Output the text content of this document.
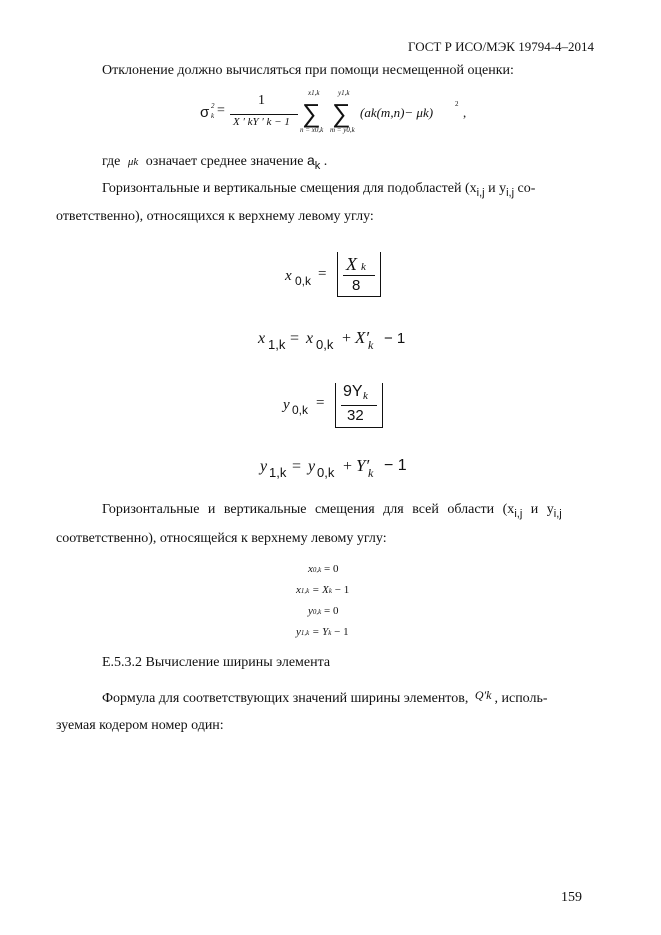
ГОСТ Р ИСО/МЭК 19794-4–2014
Отклонение должно вычисляться при помощи несмещенной оценки:
σ 2
k =
1
X ′ kY ′ k − 1 ∑
x1,k
n = x0,k
∑
y1,k
m = y0,k
(ak(m,n)− μk)
2
,
где μk означает среднее значение $a_k$ .
Горизонтальные и вертикальные смещения для подобластей ($x_{i,j}$ и $y_{i,j}$ со-
ответственно), относящихся к верхнему левому углу:
x 0,k = X k
8
x 1,k = x 0,k + X′
k − 1
y 0,k =
9Y k
32
y 1,k = y 0,k + Y′
k − 1
Горизонтальные и вертикальные смещения для всей области ($x_{i,j}$ и $y_{i,j}$
соответственно), относящейся к верхнему левому углу:
x0,k = 0
x1,k = Xk − 1
y0,k = 0
y1,k = Yk − 1
E.5.3.2 Вычисление ширины элемента
Формула для соответствующих значений ширины элементов, Q′k , исполь-
зуемая кодером номер один:
159
